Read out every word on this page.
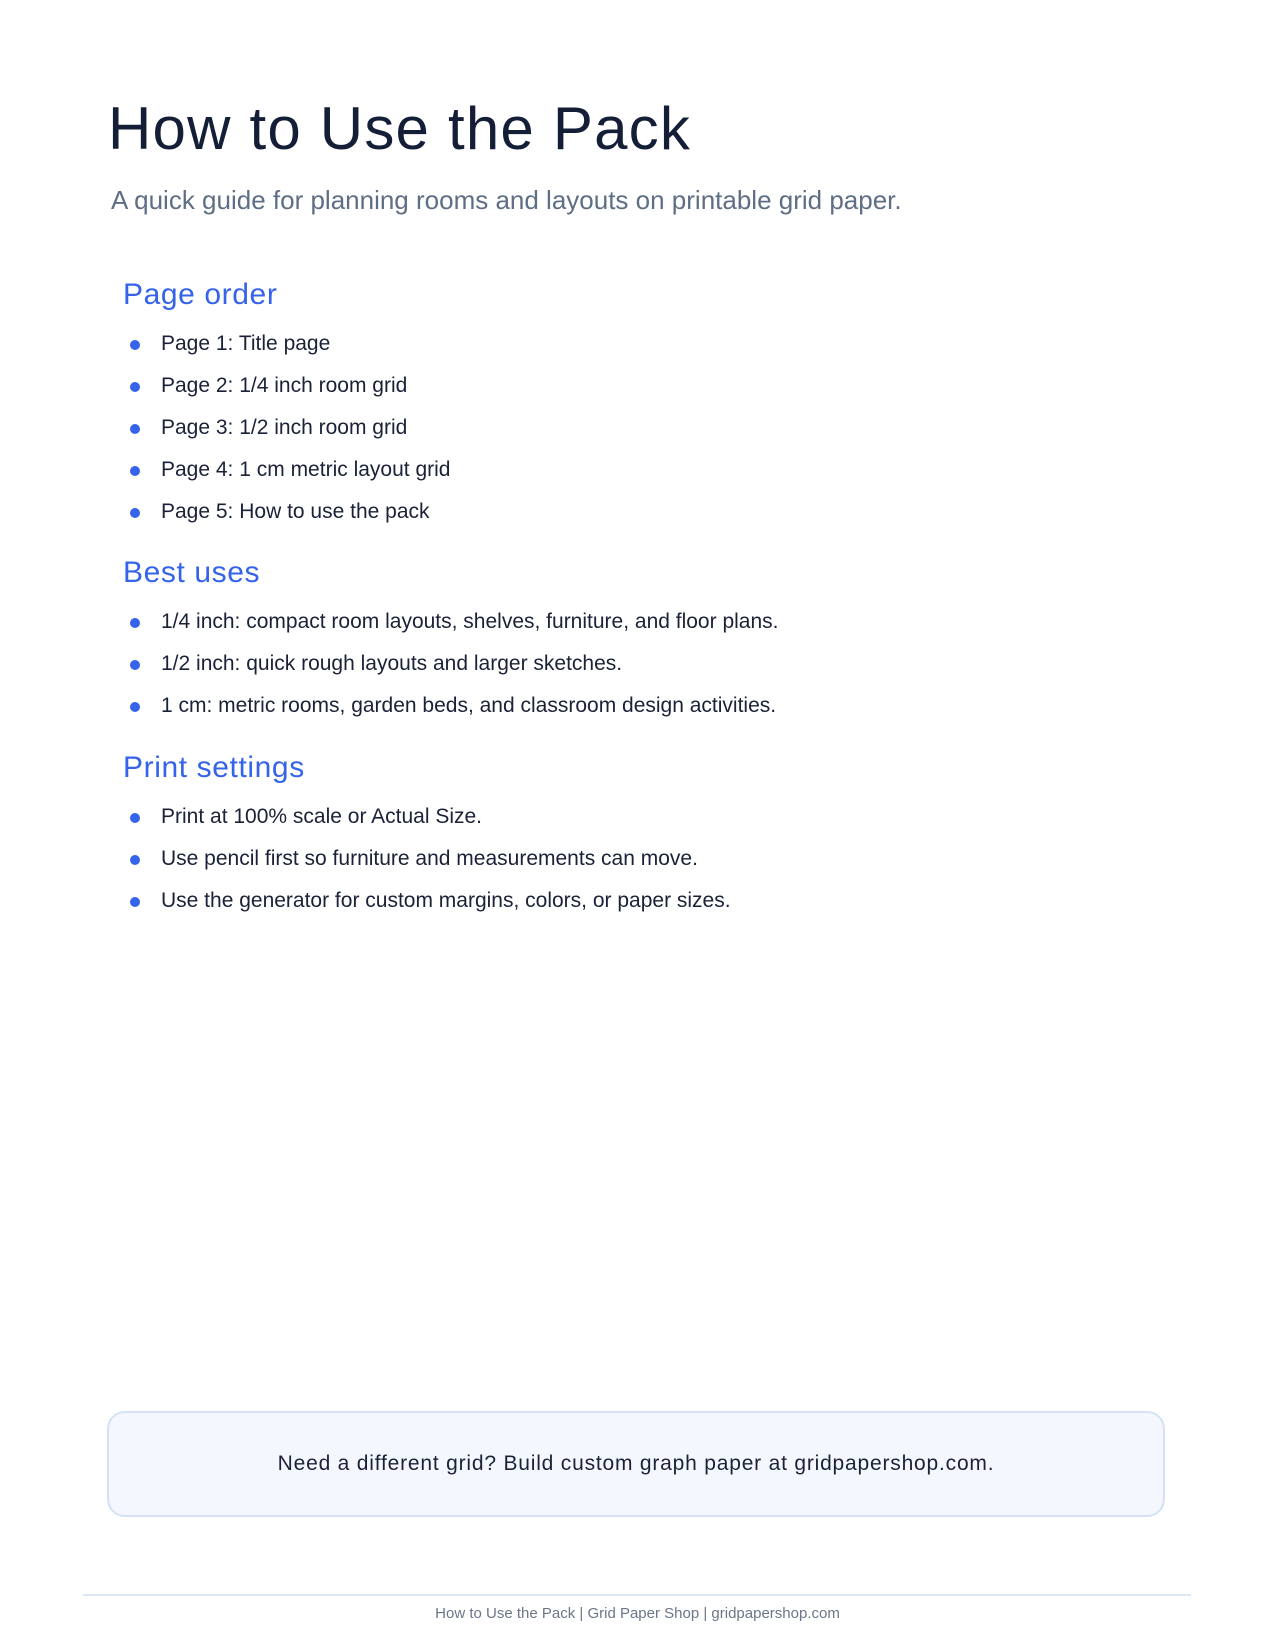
How to Use the Pack

A quick guide for planning rooms and layouts on printable grid paper.

Page order
Page 1: Title page
Page 2: 1/4 inch room grid
Page 3: 1/2 inch room grid
Page 4: 1 cm metric layout grid
Page 5: How to use the pack
Best uses
1/4 inch: compact room layouts, shelves, furniture, and floor plans.
1/2 inch: quick rough layouts and larger sketches.
1 cm: metric rooms, garden beds, and classroom design activities.
Print settings
Print at 100% scale or Actual Size.
Use pencil first so furniture and measurements can move.
Use the generator for custom margins, colors, or paper sizes.
Need a different grid? Build custom graph paper at gridpapershop.com.
How to Use the Pack | Grid Paper Shop | gridpapershop.com
